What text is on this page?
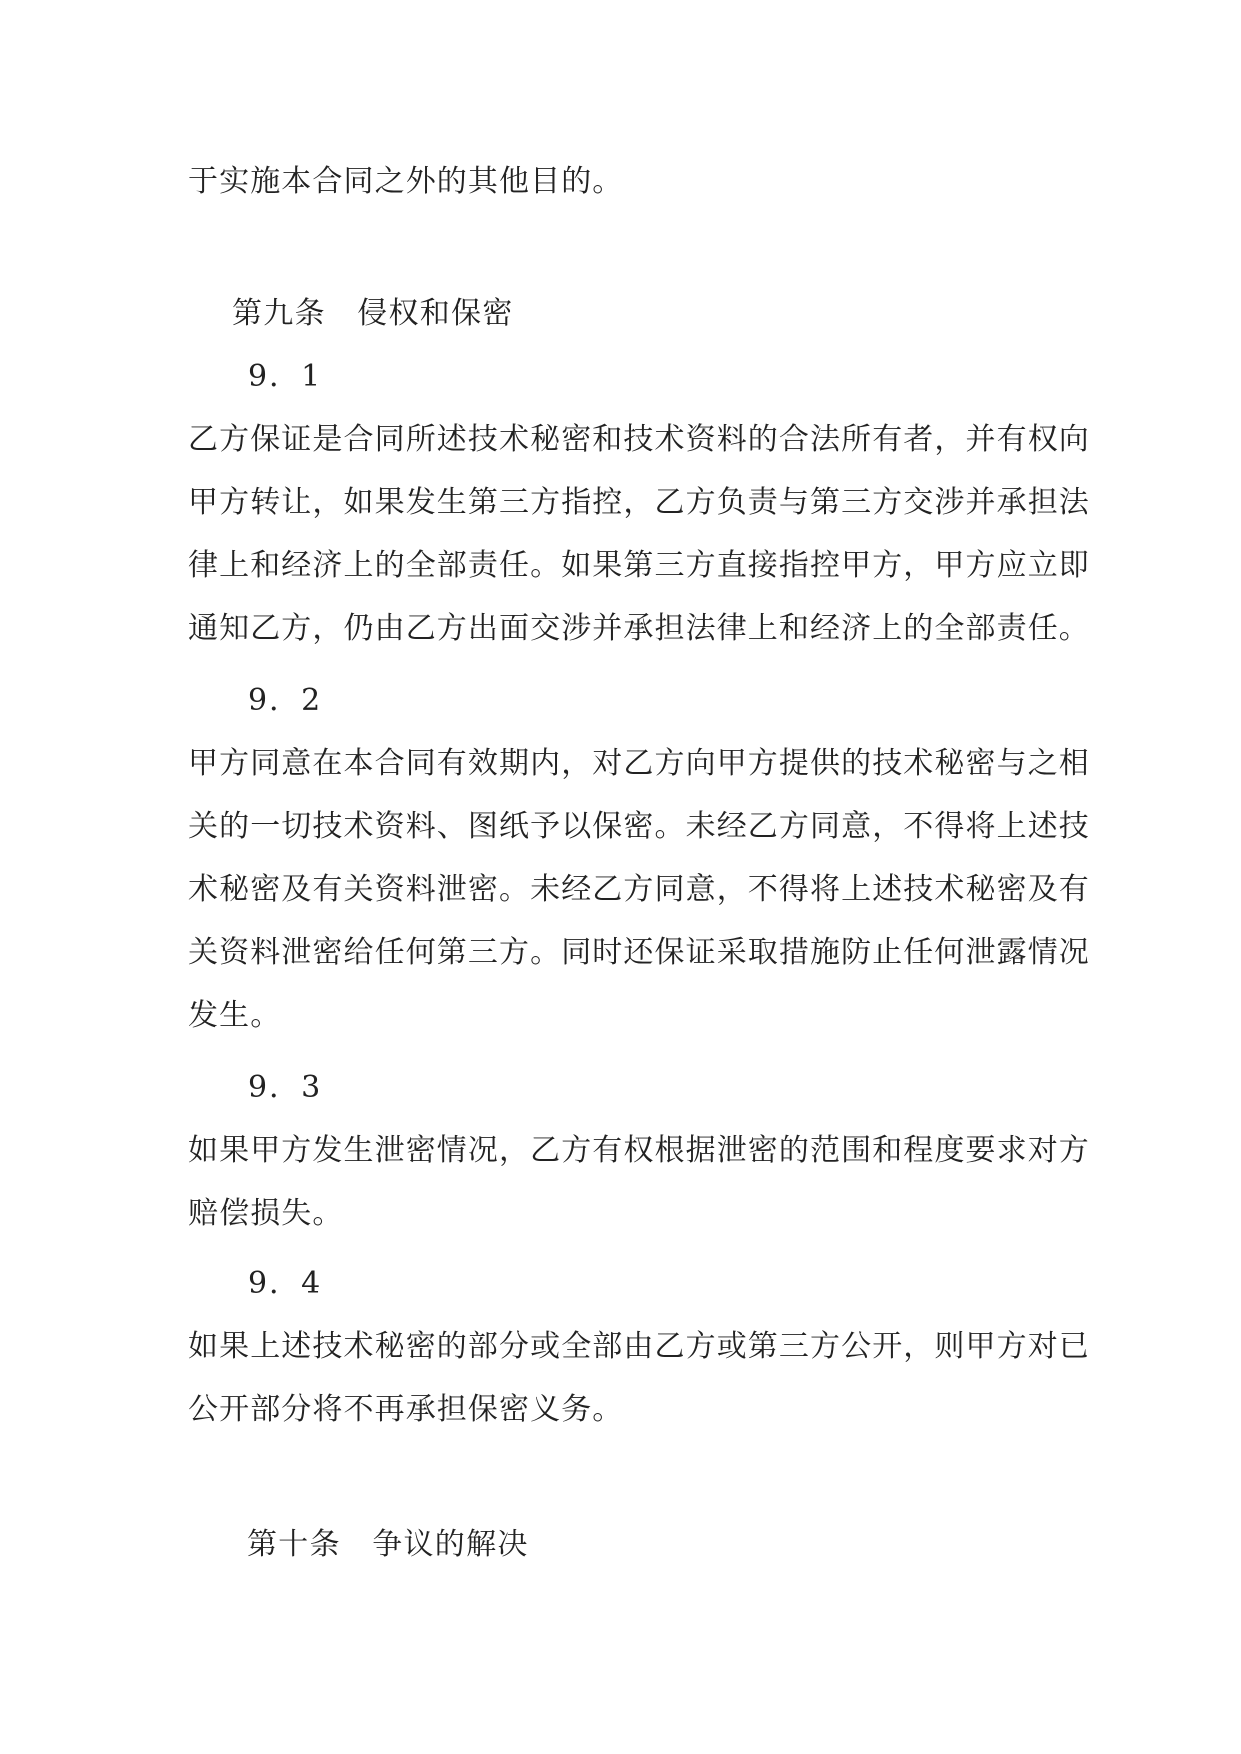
于实施本合同之外的其他目的。
第九条　侵权和保密
9．1
乙方保证是合同所述技术秘密和技术资料的合法所有者，并有权向
甲方转让，如果发生第三方指控，乙方负责与第三方交涉并承担法
律上和经济上的全部责任。如果第三方直接指控甲方，甲方应立即
通知乙方，仍由乙方出面交涉并承担法律上和经济上的全部责任。
9．2
甲方同意在本合同有效期内，对乙方向甲方提供的技术秘密与之相
关的一切技术资料、图纸予以保密。未经乙方同意，不得将上述技
术秘密及有关资料泄密。未经乙方同意，不得将上述技术秘密及有
关资料泄密给任何第三方。同时还保证采取措施防止任何泄露情况
发生。
9．3
如果甲方发生泄密情况，乙方有权根据泄密的范围和程度要求对方
赔偿损失。
9．4
如果上述技术秘密的部分或全部由乙方或第三方公开，则甲方对已
公开部分将不再承担保密义务。
第十条　争议的解决
